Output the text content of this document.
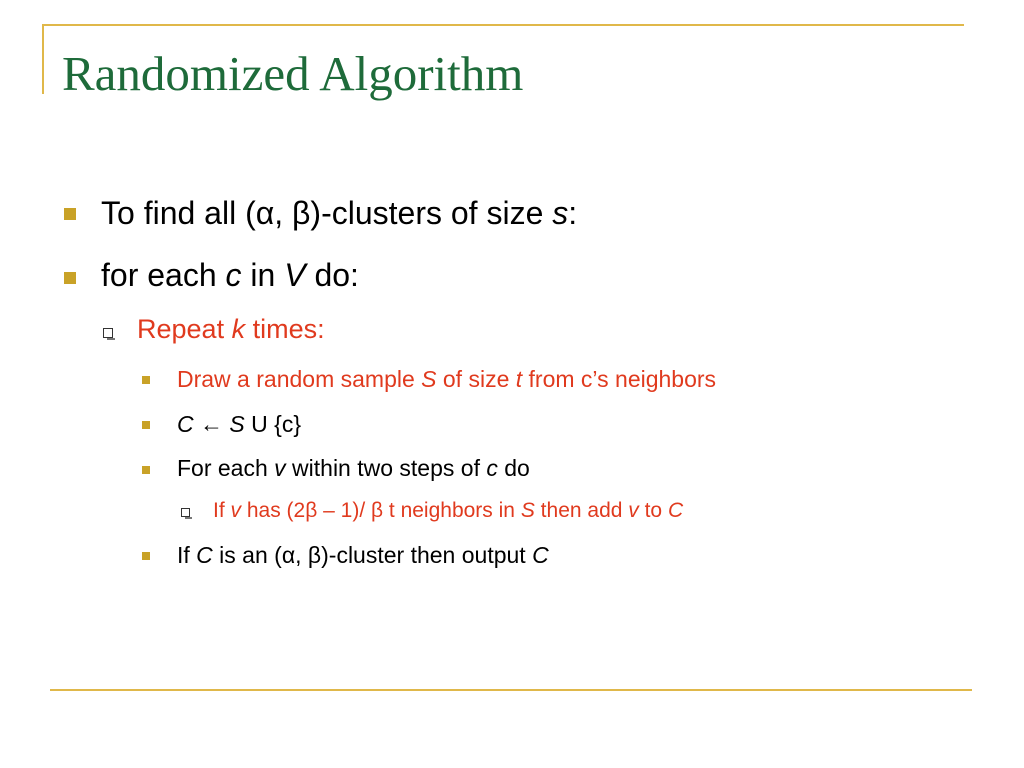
Randomized Algorithm
To find all (α, β)-clusters of size s:
for each c in V do:
Repeat k times:
Draw a random sample S of size t from c’s neighbors
C ← S U {c}
For each v within two steps of c do
If v has (2β – 1)/ β t neighbors in S then add v to C
If C is an (α, β)-cluster then output C
